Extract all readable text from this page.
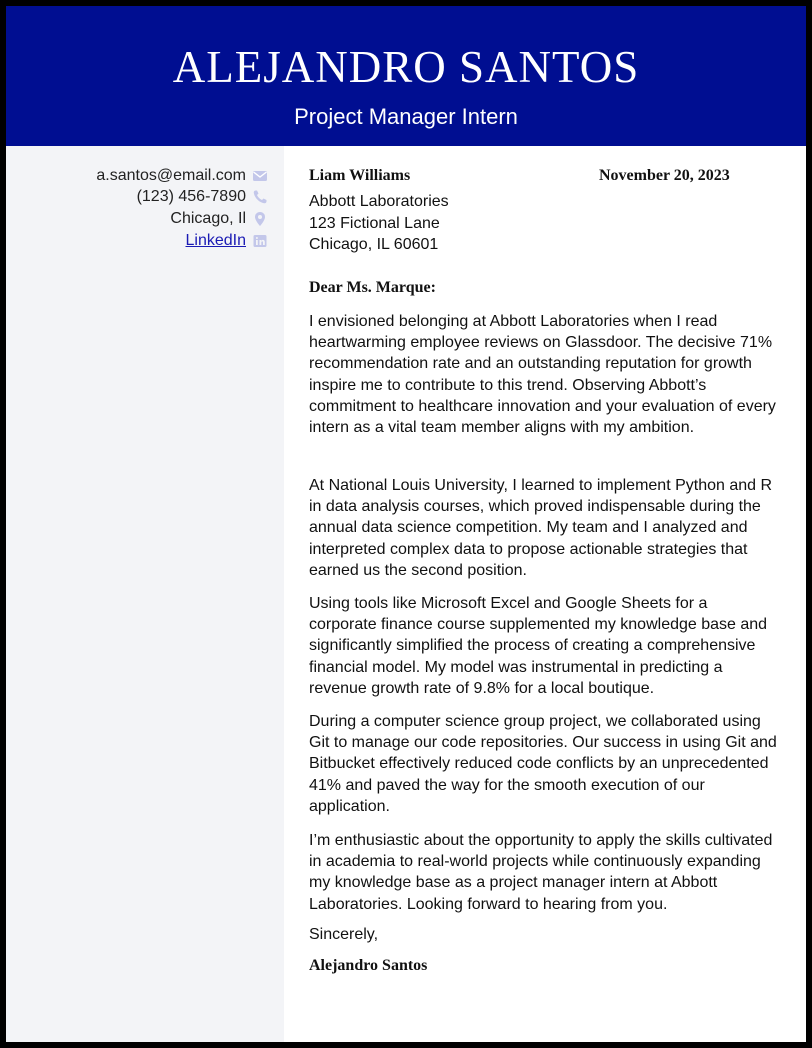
ALEJANDRO SANTOS
Project Manager Intern
a.santos@email.com
(123) 456-7890
Chicago, Il
LinkedIn
Liam Williams	November 20, 2023
Abbott Laboratories
123 Fictional Lane
Chicago, IL 60601
Dear Ms. Marque:
I envisioned belonging at Abbott Laboratories when I read heartwarming employee reviews on Glassdoor. The decisive 71% recommendation rate and an outstanding reputation for growth inspire me to contribute to this trend. Observing Abbott’s commitment to healthcare innovation and your evaluation of every intern as a vital team member aligns with my ambition.
At National Louis University, I learned to implement Python and R in data analysis courses, which proved indispensable during the annual data science competition. My team and I analyzed and interpreted complex data to propose actionable strategies that earned us the second position.
Using tools like Microsoft Excel and Google Sheets for a corporate finance course supplemented my knowledge base and significantly simplified the process of creating a comprehensive financial model. My model was instrumental in predicting a revenue growth rate of 9.8% for a local boutique.
During a computer science group project, we collaborated using Git to manage our code repositories. Our success in using Git and Bitbucket effectively reduced code conflicts by an unprecedented 41% and paved the way for the smooth execution of our application.
I’m enthusiastic about the opportunity to apply the skills cultivated in academia to real-world projects while continuously expanding my knowledge base as a project manager intern at Abbott Laboratories. Looking forward to hearing from you.
Sincerely,
Alejandro Santos
